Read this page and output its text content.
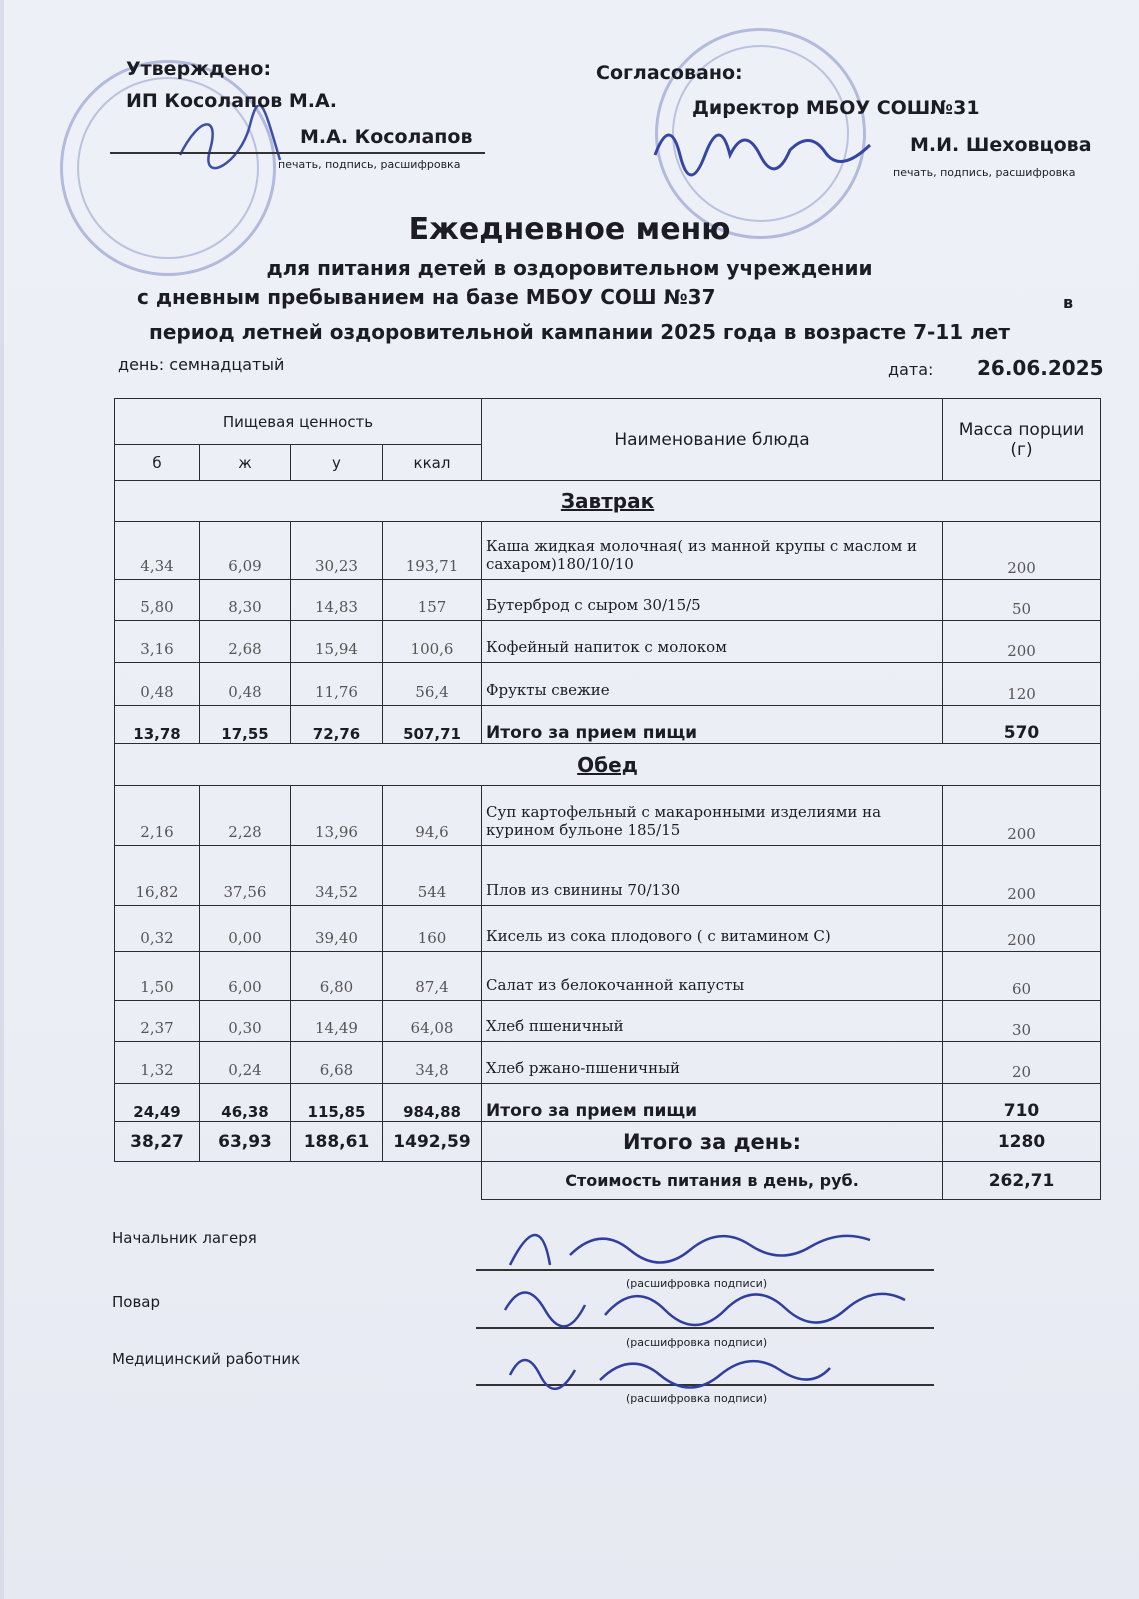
Утверждено:
ИП Косолапов М.А.
М.А. Косолапов
печать, подпись, расшифровка
Согласовано:
Директор МБОУ СОШ№31
М.И. Шеховцова
печать, подпись, расшифровка
Ежедневное меню
для питания детей в оздоровительном учреждении
с дневным пребыванием на базе МБОУ СОШ №37	в
период летней оздоровительной кампании 2025 года в возрасте 7-11 лет
день: семнадцатый	дата: 26.06.2025
Пищевая ценность				Наименование блюда	Масса порции
(г)
б	ж	у	ккал		
Завтрак					
4,34	6,09	30,23	193,71	Каша жидкая молочная( из манной крупы с маслом и сахаром)180/10/10	200
5,80	8,30	14,83	157	Бутерброд с сыром 30/15/5	50
3,16	2,68	15,94	100,6	Кофейный напиток с молоком	200
0,48	0,48	11,76	56,4	Фрукты свежие	120
13,78	17,55	72,76	507,71	Итого за прием пищи	570
Обед					
2,16	2,28	13,96	94,6	Суп картофельный с макаронными изделиями на курином бульоне 185/15	200
16,82	37,56	34,52	544	Плов из свинины 70/130	200
0,32	0,00	39,40	160	Кисель из сока плодового ( с витамином С)	200
1,50	6,00	6,80	87,4	Салат из белокочанной капусты	60
2,37	0,30	14,49	64,08	Хлеб пшеничный	30
1,32	0,24	6,68	34,8	Хлеб ржано-пшеничный	20
24,49	46,38	115,85	984,88	Итого за прием пищи	710
38,27	63,93	188,61	1492,59	Итого за день:	1280
				Стоимость питания в день, руб.	262,71
Начальник лагеря
(расшифровка подписи)
Повар
(расшифровка подписи)
Медицинский работник
(расшифровка подписи)
